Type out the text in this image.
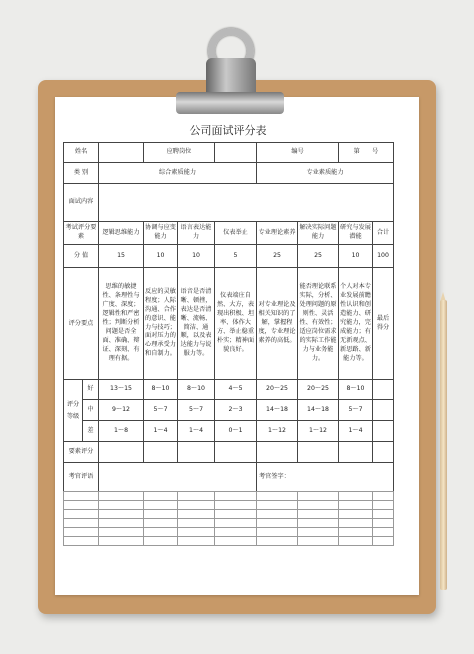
公司面试评分表
姓名			应聘岗位			编号		第　　号	
类 别		综合素质能力				专业素质能力			
面试内容									
考试评分要素		逻辑思维能力	协调与应变能力	语言表达能力	仪表举止	专业理论素养	解决实际问题能力	研究与发展潜能	合计
分 值		15	10	10	5	25	25	10	100
评分要点		思维的敏捷性、条理性与广度、深度；逻辑性和严密性；判断分析问题是否全面、准确、辩证、深刻、有理有据。	反应的灵敏程度；人际沟通、合作的意识、能力与技巧；面对压力的心理承受力和自制力。	语音是否清晰、顿挫，表达是否清晰、流畅、简洁、通顺，以及表达能力与说服力等。	仪表端庄自然、大方，表现出积极、坦率、体作大方、举止稳重朴实；精神面貌良好。	对专业理论及相关知识的了解，掌握程度，专业理论素养的高低。	能否理论联系实际，分析、处理问题的原则性、灵活性、有效性；适应岗位需求的实际工作能力与业务能力。	个人对本专业发展前瞻性认识和创造能力、研究能力，完成能力；有无新观点、新思路、新能力等。	最后得分
评分等级	好	13～15	8～10	8～10	4～5	20～25	20～25	8～10	
	中	9～12	5～7	5～7	2～3	14～18	14～18	5～7	
	差	1～8	1～4	1～4	0～1	1～12	1～12	1～4	
要素评分									
考官评语						考官签字：			
